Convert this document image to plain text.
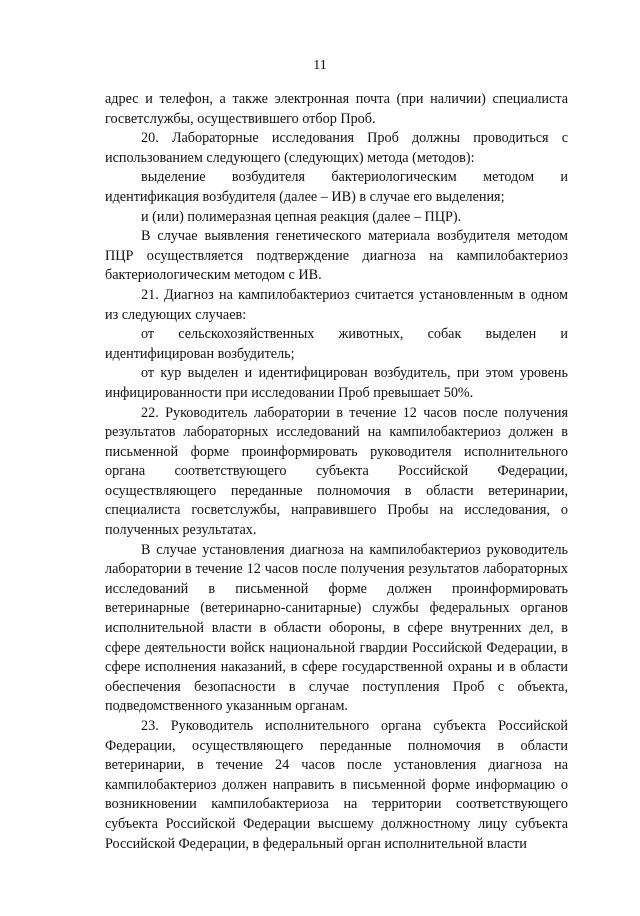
11

адрес и телефон, а также электронная почта (при наличии) специалиста госветслужбы, осуществившего отбор Проб.

20. Лабораторные исследования Проб должны проводиться с использованием следующего (следующих) метода (методов):

выделение возбудителя бактериологическим методом и идентификация возбудителя (далее – ИВ) в случае его выделения;

и (или) полимеразная цепная реакция (далее – ПЦР).

В случае выявления генетического материала возбудителя методом ПЦР осуществляется подтверждение диагноза на кампилобактериоз бактериологическим методом с ИВ.

21. Диагноз на кампилобактериоз считается установленным в одном из следующих случаев:

от сельскохозяйственных животных, собак выделен и идентифицирован возбудитель;

от кур выделен и идентифицирован возбудитель, при этом уровень инфицированности при исследовании Проб превышает 50%.

22. Руководитель лаборатории в течение 12 часов после получения результатов лабораторных исследований на кампилобактериоз должен в письменной форме проинформировать руководителя исполнительного органа соответствующего субъекта Российской Федерации, осуществляющего переданные полномочия в области ветеринарии, специалиста госветслужбы, направившего Пробы на исследования, о полученных результатах.

В случае установления диагноза на кампилобактериоз руководитель лаборатории в течение 12 часов после получения результатов лабораторных исследований в письменной форме должен проинформировать ветеринарные (ветеринарно-санитарные) службы федеральных органов исполнительной власти в области обороны, в сфере внутренних дел, в сфере деятельности войск национальной гвардии Российской Федерации, в сфере исполнения наказаний, в сфере государственной охраны и в области обеспечения безопасности в случае поступления Проб с объекта, подведомственного указанным органам.

23. Руководитель исполнительного органа субъекта Российской Федерации, осуществляющего переданные полномочия в области ветеринарии, в течение 24 часов после установления диагноза на кампилобактериоз должен направить в письменной форме информацию о возникновении кампилобактериоза на территории соответствующего субъекта Российской Федерации высшему должностному лицу субъекта Российской Федерации, в федеральный орган исполнительной власти
